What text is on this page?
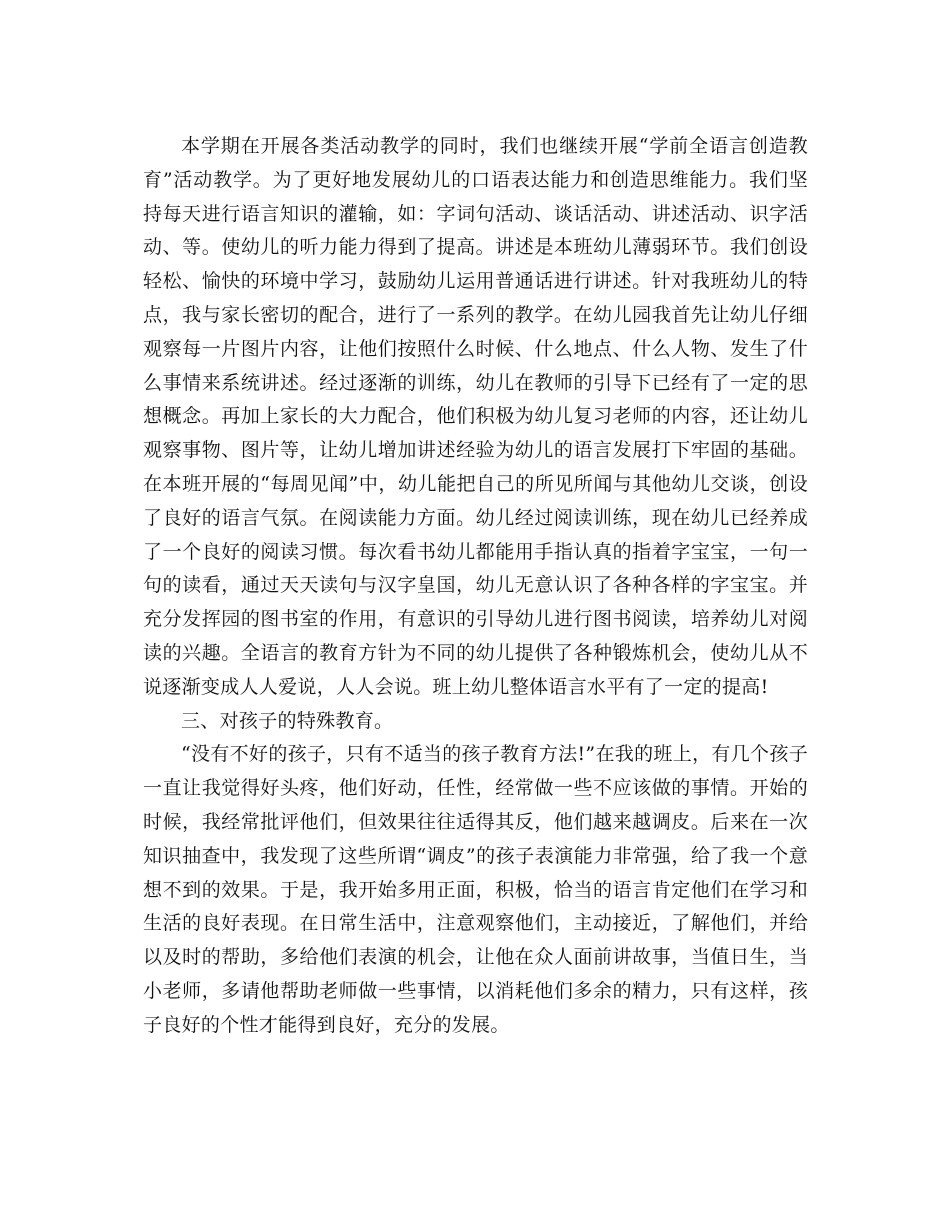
本学期在开展各类活动教学的同时，我们也继续开展“学前全语言创造教育”活动教学。为了更好地发展幼儿的口语表达能力和创造思维能力。我们坚持每天进行语言知识的灌输，如：字词句活动、谈话活动、讲述活动、识字活动、等。使幼儿的听力能力得到了提高。讲述是本班幼儿薄弱环节。我们创设轻松、愉快的环境中学习，鼓励幼儿运用普通话进行讲述。针对我班幼儿的特点，我与家长密切的配合，进行了一系列的教学。在幼儿园我首先让幼儿仔细观察每一片图片内容，让他们按照什么时候、什么地点、什么人物、发生了什么事情来系统讲述。经过逐渐的训练，幼儿在教师的引导下已经有了一定的思想概念。再加上家长的大力配合，他们积极为幼儿复习老师的内容，还让幼儿观察事物、图片等，让幼儿增加讲述经验为幼儿的语言发展打下牢固的基础。在本班开展的“每周见闻”中，幼儿能把自己的所见所闻与其他幼儿交谈，创设了良好的语言气氛。在阅读能力方面。幼儿经过阅读训练，现在幼儿已经养成了一个良好的阅读习惯。每次看书幼儿都能用手指认真的指着字宝宝，一句一句的读看，通过天天读句与汉字皇国，幼儿无意认识了各种各样的字宝宝。并充分发挥园的图书室的作用，有意识的引导幼儿进行图书阅读，培养幼儿对阅读的兴趣。全语言的教育方针为不同的幼儿提供了各种锻炼机会，使幼儿从不说逐渐变成人人爱说，人人会说。班上幼儿整体语言水平有了一定的提高!

三、对孩子的特殊教育。

“没有不好的孩子，只有不适当的孩子教育方法!”在我的班上，有几个孩子一直让我觉得好头疼，他们好动，任性，经常做一些不应该做的事情。开始的时候，我经常批评他们，但效果往往适得其反，他们越来越调皮。后来在一次知识抽查中，我发现了这些所谓“调皮”的孩子表演能力非常强，给了我一个意想不到的效果。于是，我开始多用正面，积极，恰当的语言肯定他们在学习和生活的良好表现。在日常生活中，注意观察他们，主动接近，了解他们，并给以及时的帮助，多给他们表演的机会，让他在众人面前讲故事，当值日生，当小老师，多请他帮助老师做一些事情，以消耗他们多余的精力，只有这样，孩子良好的个性才能得到良好，充分的发展。
